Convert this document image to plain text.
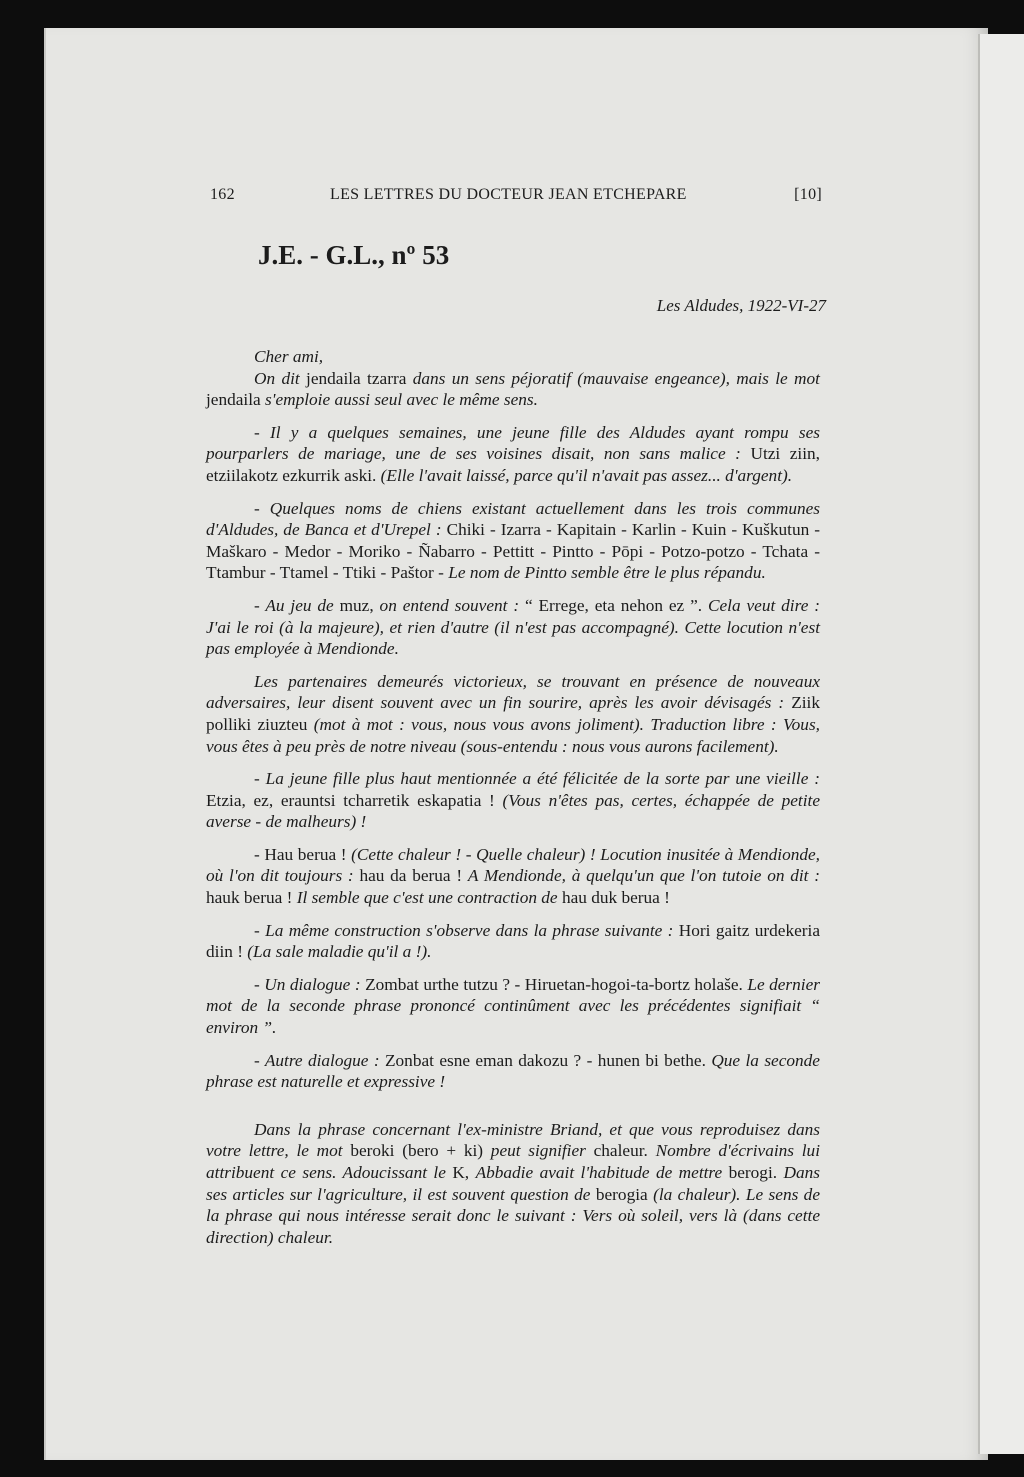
162	LES LETTRES DU DOCTEUR JEAN ETCHEPARE	[10]
J.E. - G.L., nº 53
Les Aldudes, 1922-VI-27

Cher ami,

On dit jendaila tzarra dans un sens péjoratif (mauvaise engeance), mais le mot jendaila s'emploie aussi seul avec le même sens.

- Il y a quelques semaines, une jeune fille des Aldudes ayant rompu ses pourparlers de mariage, une de ses voisines disait, non sans malice : Utzi ziin, etziilakotz ezkurrik aski. (Elle l'avait laissé, parce qu'il n'avait pas assez... d'argent).

- Quelques noms de chiens existant actuellement dans les trois communes d'Aldudes, de Banca et d'Urepel : Chiki - Izarra - Kapitain - Karlin - Kuin - Kuškutun - Maškaro - Medor - Moriko - Ñabarro - Pettitt - Pintto - Pōpi - Potzo-potzo - Tchata - Ttambur - Ttamel - Ttiki - Paštor - Le nom de Pintto semble être le plus répandu.

- Au jeu de muz, on entend souvent : “ Errege, eta nehon ez ”. Cela veut dire : J'ai le roi (à la majeure), et rien d'autre (il n'est pas accompagné). Cette locution n'est pas employée à Mendionde.

Les partenaires demeurés victorieux, se trouvant en présence de nouveaux adversaires, leur disent souvent avec un fin sourire, après les avoir dévisagés : Ziik polliki ziuzteu (mot à mot : vous, nous vous avons joliment). Traduction libre : Vous, vous êtes à peu près de notre niveau (sous-entendu : nous vous aurons facilement).

- La jeune fille plus haut mentionnée a été félicitée de la sorte par une vieille : Etzia, ez, erauntsi tcharretik eskapatia ! (Vous n'êtes pas, certes, échappée de petite averse - de malheurs) !

- Hau berua ! (Cette chaleur ! - Quelle chaleur) ! Locution inusitée à Mendionde, où l'on dit toujours : hau da berua ! A Mendionde, à quelqu'un que l'on tutoie on dit : hauk berua ! Il semble que c'est une contraction de hau duk berua !

- La même construction s'observe dans la phrase suivante : Hori gaitz urdekeria diin ! (La sale maladie qu'il a !).

- Un dialogue : Zombat urthe tutzu ? - Hiruetan-hogoi-ta-bortz holaše. Le dernier mot de la seconde phrase prononcé continûment avec les précédentes signifiait “ environ ”.

- Autre dialogue : Zonbat esne eman dakozu ? - hunen bi bethe. Que la seconde phrase est naturelle et expressive !

Dans la phrase concernant l'ex-ministre Briand, et que vous reproduisez dans votre lettre, le mot beroki (bero + ki) peut signifier chaleur. Nombre d'écrivains lui attribuent ce sens. Adoucissant le K, Abbadie avait l'habitude de mettre berogi. Dans ses articles sur l'agriculture, il est souvent question de berogia (la chaleur). Le sens de la phrase qui nous intéresse serait donc le suivant : Vers où soleil, vers là (dans cette direction) chaleur.
